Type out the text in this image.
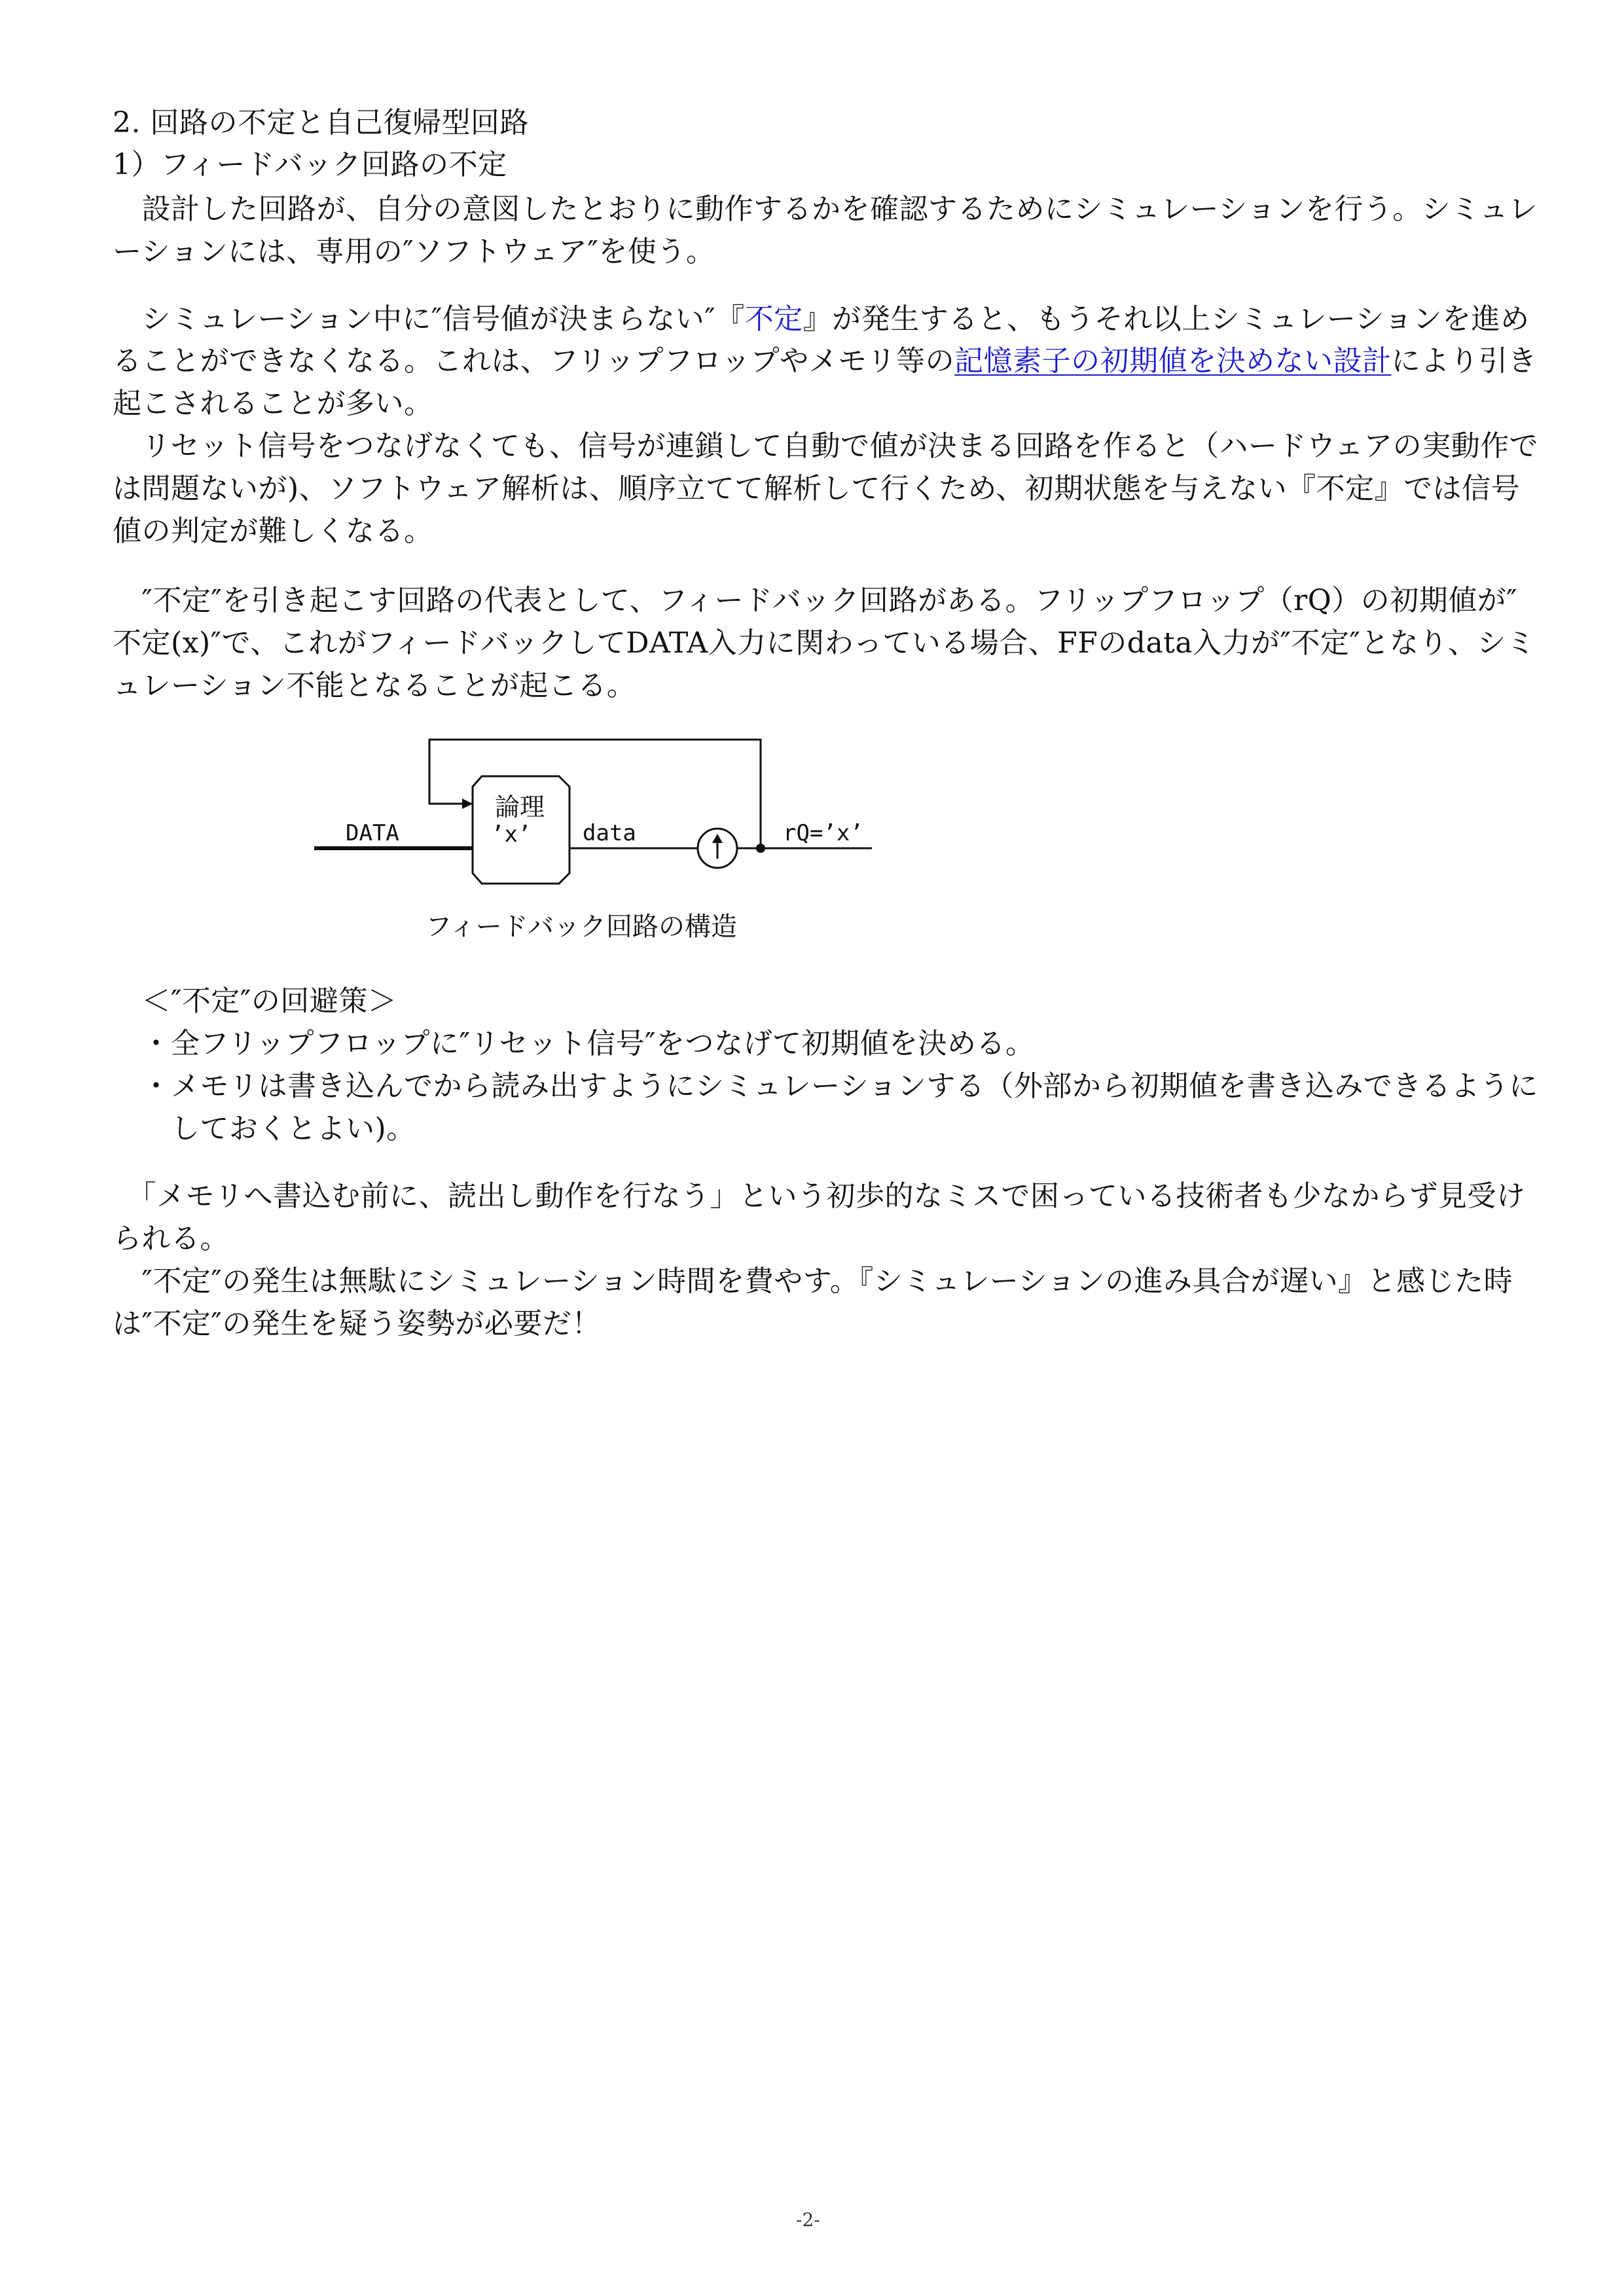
2. 回路の不定と自己復帰型回路
1）フィードバック回路の不定
　設計した回路が、自分の意図したとおりに動作するかを確認するためにシミュレーションを行う。シミュレ
ーションには、専用の″ソフトウェア″を使う。
　シミュレーション中に″信号値が決まらない″『不定』が発生すると、もうそれ以上シミュレーションを進め
ることができなくなる。これは、フリップフロップやメモリ等の記憶素子の初期値を決めない設計により引き
起こされることが多い。
　リセット信号をつなげなくても、信号が連鎖して自動で値が決まる回路を作ると（ハードウェアの実動作で
は問題ないが)、ソフトウェア解析は、順序立てて解析して行くため、初期状態を与えない『不定』では信号
値の判定が難しくなる。
　″不定″を引き起こす回路の代表として、フィードバック回路がある。フリップフロップ（rQ）の初期値が″
不定(x)″で、これがフィードバックしてDATA入力に関わっている場合、FFのdata入力が″不定″となり、シミ
ュレーション不能となることが起こる。
DATA
論理
’x’ data	rQ=’x’
フィードバック回路の構造
　＜″不定″の回避策＞
　・全フリップフロップに″リセット信号″をつなげて初期値を決める。
　・メモリは書き込んでから読み出すようにシミュレーションする（外部から初期値を書き込みできるように
　　しておくとよい)。
　「メモリへ書込む前に、読出し動作を行なう」という初歩的なミスで困っている技術者も少なからず見受け
られる。
　″不定″の発生は無駄にシミュレーション時間を費やす。『シミュレーションの進み具合が遅い』と感じた時
は″不定″の発生を疑う姿勢が必要だ！
-2-
